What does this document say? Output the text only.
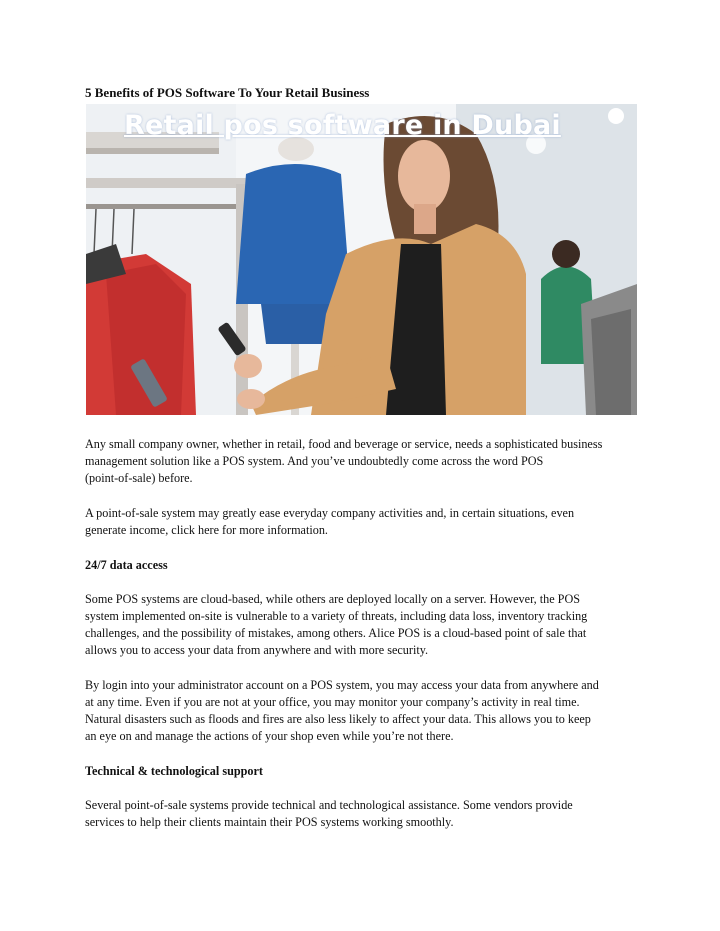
5 Benefits of POS Software To Your Retail Business
Retail pos software in Dubai

Any small company owner, whether in retail, food and beverage or service, needs a sophisticated business
management solution like a POS system. And you’ve undoubtedly come across the word POS
(point-of-sale) before.

A point-of-sale system may greatly ease everyday company activities and, in certain situations, even
generate income, click here for more information.

24/7 data access

Some POS systems are cloud-based, while others are deployed locally on a server. However, the POS
system implemented on-site is vulnerable to a variety of threats, including data loss, inventory tracking
challenges, and the possibility of mistakes, among others. Alice POS is a cloud-based point of sale that
allows you to access your data from anywhere and with more security.

By login into your administrator account on a POS system, you may access your data from anywhere and
at any time. Even if you are not at your office, you may monitor your company’s activity in real time.
Natural disasters such as floods and fires are also less likely to affect your data. This allows you to keep
an eye on and manage the actions of your shop even while you’re not there.

Technical & technological support

Several point-of-sale systems provide technical and technological assistance. Some vendors provide
services to help their clients maintain their POS systems working smoothly.
